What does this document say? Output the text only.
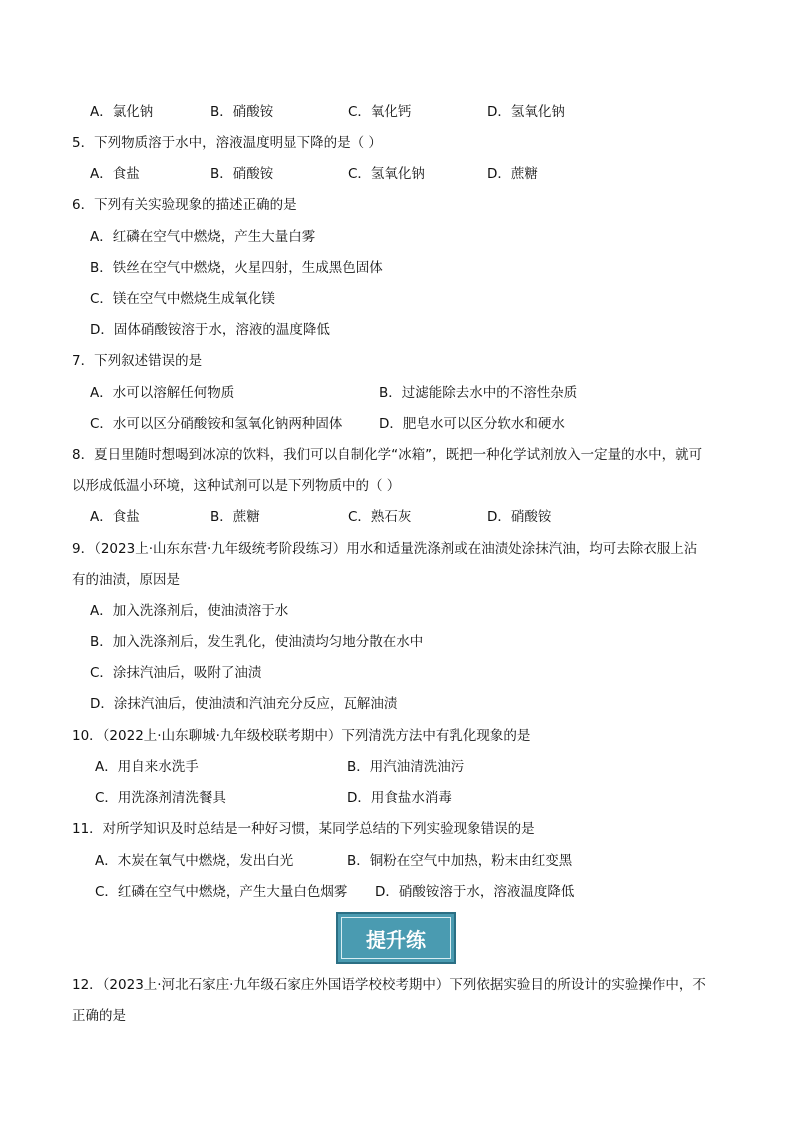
A．氯化钠	B．硝酸铵	C．氧化钙	D．氢氧化钠
5．下列物质溶于水中，溶液温度明显下降的是（ ）
A．食盐	B．硝酸铵	C．氢氧化钠	D．蔗糖
6．下列有关实验现象的描述正确的是
A．红磷在空气中燃烧，产生大量白雾
B．铁丝在空气中燃烧，火星四射，生成黑色固体
C．镁在空气中燃烧生成氧化镁
D．固体硝酸铵溶于水，溶液的温度降低
7．下列叙述错误的是
A．水可以溶解任何物质	B．过滤能除去水中的不溶性杂质
C．水可以区分硝酸铵和氢氧化钠两种固体	D．肥皂水可以区分软水和硬水
8．夏日里随时想喝到冰凉的饮料，我们可以自制化学“冰箱”，既把一种化学试剂放入一定量的水中，就可
以形成低温小环境，这种试剂可以是下列物质中的（ ）
A．食盐	B．蔗糖	C．熟石灰	D．硝酸铵
9．（2023上·山东东营·九年级统考阶段练习）用水和适量洗涤剂或在油渍处涂抹汽油，均可去除衣服上沾
有的油渍，原因是
A．加入洗涤剂后，使油渍溶于水
B．加入洗涤剂后，发生乳化，使油渍均匀地分散在水中
C．涂抹汽油后，吸附了油渍
D．涂抹汽油后，使油渍和汽油充分反应，瓦解油渍
10．（2022上·山东聊城·九年级校联考期中）下列清洗方法中有乳化现象的是
A．用自来水洗手	B．用汽油清洗油污
C．用洗涤剂清洗餐具	D．用食盐水消毒
11．对所学知识及时总结是一种好习惯，某同学总结的下列实验现象错误的是
A．木炭在氧气中燃烧，发出白光	B．铜粉在空气中加热，粉末由红变黑
C．红磷在空气中燃烧，产生大量白色烟雾 D．硝酸铵溶于水，溶液温度降低
提升练
12．（2023上·河北石家庄·九年级石家庄外国语学校校考期中）下列依据实验目的所设计的实验操作中，不
正确的是
